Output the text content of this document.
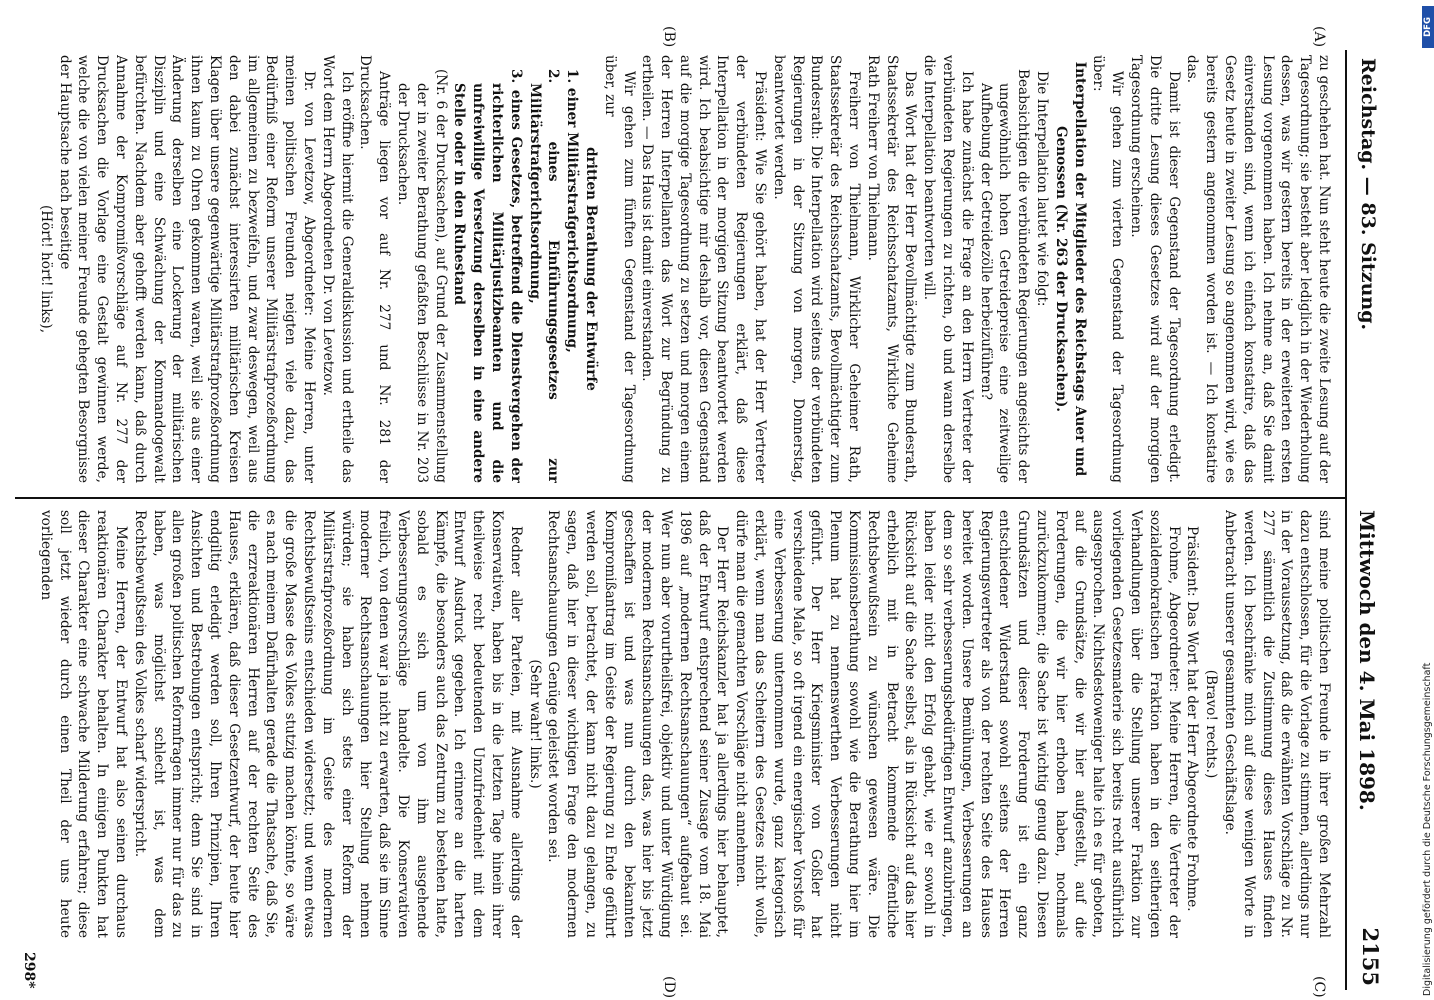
Reichstag. — 83. Sitzung.
Mittwoch den 4. Mai 1898.
2155
(A)
(B)
(C)
(D)

zu geschehen hat. Nun steht heute die zweite Lesung auf der Tagesordnung; sie besteht aber lediglich in der Wiederholung dessen, was wir gestern bereits in der erweiterten ersten Lesung vorgenommen haben. Ich nehme an, daß Sie damit einverstanden sind, wenn ich einfach konstatire, daß das Gesetz heute in zweiter Lesung so angenommen wird, wie es bereits gestern angenommen worden ist. — Ich konstatire das.

Damit ist dieser Gegenstand der Tagesordnung erledigt. Die dritte Lesung dieses Gesetzes wird auf der morgigen Tagesordnung erscheinen.

Wir gehen zum vierten Gegenstand der Tagesordnung über:

Interpellation der Mitglieder des Reichstags Auer und Genossen (Nr. 263 der Drucksachen).

Die Interpellation lautet wie folgt:

Beabsichtigen die verbündeten Regierungen angesichts der ungewöhnlich hohen Getreidepreise eine zeitweilige Aufhebung der Getreidezölle herbeizuführen?

Ich habe zunächst die Frage an den Herrn Vertreter der verbündeten Regierungen zu richten, ob und wann derselbe die Interpellation beantworten will.

Das Wort hat der Herr Bevollmächtigte zum Bundesrath, Staatssekretär des Reichsschatzamts, Wirkliche Geheime Rath Freiherr von Thielmann.

Freiherr von Thielmann, Wirklicher Geheimer Rath, Staatssekretär des Reichsschatzamts, Bevollmächtigter zum Bundesrath: Die Interpellation wird seitens der verbündeten Regierungen in der Sitzung von morgen, Donnerstag, beantwortet werden.

Präsident: Wie Sie gehört haben, hat der Herr Vertreter der verbündeten Regierungen erklärt, daß diese Interpellation in der morgigen Sitzung beantwortet werden wird. Ich beabsichtige mir deshalb vor, diesen Gegenstand auf die morgige Tagesordnung zu setzen und morgen einem der Herren Interpellanten das Wort zur Begründung zu ertheilen. — Das Haus ist damit einverstanden.

Wir gehen zum fünften Gegenstand der Tagesordnung über, zur

dritten Berathung der Entwürfe

1. einer Militärstrafgerichtsordnung,

2. eines Einführungsgesetzes zur Militärstrafgerichtsordnung,

3. eines Gesetzes, betreffend die Dienstvergehen der richterlichen Militärjustizbeamten und die unfreiwillige Versetzung derselben in eine andere Stelle oder in den Ruhestand

(Nr. 6 der Drucksachen), auf Grund der Zusammenstellung der in zweiter Berathung gefaßten Beschlüsse in Nr. 203 der Drucksachen.

Anträge liegen vor auf Nr. 277 und Nr. 281 der Drucksachen.

Ich eröffne hiermit die Generaldiskussion und ertheile das Wort dem Herrn Abgeordneten Dr. von Levetzow.

Dr. von Levetzow, Abgeordneter: Meine Herren, unter meinen politischen Freunden neigten viele dazu, das Bedürfniß einer Reform unserer Militärstrafprozeßordnung im allgemeinen zu bezweifeln, und zwar deswegen, weil aus den dabei zunächst interessirten militärischen Kreisen Klagen über unsere gegenwärtige Militärstrafprozeßordnung ihnen kaum zu Ohren gekommen waren, weil sie aus einer Änderung derselben eine Lockerung der militärischen Disziplin und eine Schwächung der Kommandogewalt befürchten. Nachdem aber gehofft werden kann, daß durch Annahme der Kompromißvorschläge auf Nr. 277 der Drucksachen die Vorlage eine Gestalt gewinnen werde, welche die von vielen meiner Freunde gehegten Besorgnisse der Hauptsache nach beseitige

(Hört! hört! links),

sind meine politischen Freunde in ihrer großen Mehrzahl dazu entschlossen, für die Vorlage zu stimmen, allerdings nur in der Voraussetzung, daß die erwähnten Vorschläge zu Nr. 277 sämmtlich die Zustimmung dieses Hauses finden werden. Ich beschränke mich auf diese wenigen Worte in Anbetracht unserer gesammten Geschäftslage.

(Bravo! rechts.)

Präsident: Das Wort hat der Herr Abgeordnete Frohme.

Frohme, Abgeordneter: Meine Herren, die Vertreter der sozialdemokratischen Fraktion haben in den seitherigen Verhandlungen über die Stellung unserer Fraktion zur vorliegenden Gesetzesmaterie sich bereits recht ausführlich ausgesprochen. Nichtsdestoweniger halte ich es für geboten, auf die Grundsätze, die wir hier aufgestellt, auf die Forderungen, die wir hier erhoben haben, nochmals zurückzukommen; die Sache ist wichtig genug dazu. Diesen Grundsätzen und dieser Forderung ist ein ganz entschiedener Widerstand sowohl seitens der Herren Regierungsvertreter als von der rechten Seite des Hauses bereitet worden. Unsere Bemühungen, Verbesserungen an dem so sehr verbesserungsbedürftigen Entwurf anzubringen, haben leider nicht den Erfolg gehabt, wie er sowohl in Rücksicht auf die Sache selbst, als in Rücksicht auf das hier erheblich mit in Betracht kommende öffentliche Rechtsbewußtsein zu wünschen gewesen wäre. Die Kommissionsberathung sowohl wie die Berathung hier im Plenum hat zu nennenswerthen Verbesserungen nicht geführt. Der Herr Kriegsminister von Goßler hat verschiedene Male, so oft irgend ein energischer Vorstoß für eine Verbesserung unternommen wurde, ganz kategorisch erklärt, wenn man das Scheitern des Gesetzes nicht wolle, dürfe man die gemachten Vorschläge nicht annehmen.

Der Herr Reichskanzler hat ja allerdings hier behauptet, daß der Entwurf entsprechend seiner Zusage vom 18. Mai 1896 auf „modernen Rechtsanschauungen“ aufgebaut sei. Wer nun aber vorurtheilsfrei, objektiv und unter Würdigung der modernen Rechtsanschauungen das, was hier bis jetzt geschaffen ist und was nun durch den bekannten Kompromißantrag im Geiste der Regierung zu Ende geführt werden soll, betrachtet, der kann nicht dazu gelangen, zu sagen, daß hier in dieser wichtigen Frage den modernen Rechtsanschauungen Genüge geleistet worden sei.

(Sehr wahr! links.)

Redner aller Parteien, mit Ausnahme allerdings der Konservativen, haben bis in die letzten Tage hinein ihrer theilweise recht bedeutenden Unzufriedenheit mit dem Entwurf Ausdruck gegeben. Ich erinnere an die harten Kämpfe, die besonders auch das Zentrum zu bestehen hatte, sobald es sich um von ihm ausgehende Verbesserungsvorschläge handelte. Die Konservativen freilich, von denen war ja nicht zu erwarten, daß sie im Sinne moderner Rechtsanschauungen hier Stellung nehmen würden; sie haben sich stets einer Reform der Militärstrafprozeßordnung im Geiste des modernen Rechtsbewußtseins entschieden widersetzt; und wenn etwas die große Masse des Volkes stutzig machen könnte, so wäre es nach meinem Dafürhalten gerade die Thatsache, daß Sie, die erzreaktionären Herren auf der rechten Seite des Hauses, erklären, daß dieser Gesetzentwurf, der heute hier endgiltig erledigt werden soll, Ihren Prinzipien, Ihren Ansichten und Bestrebungen entspricht; denn Sie sind in allen großen politischen Reformfragen immer nur für das zu haben, was möglichst schlecht ist, was dem Rechtsbewußtsein des Volkes scharf widerspricht.

Meine Herren, der Entwurf hat also seinen durchaus reaktionären Charakter behalten. In einigen Punkten hat dieser Charakter eine schwache Milderung erfahren; diese soll jetzt wieder durch einen Theil der uns heute vorliegenden

298*
DFG
Digitalisierung gefördert durch die Deutsche Forschungsgemeinschaft
